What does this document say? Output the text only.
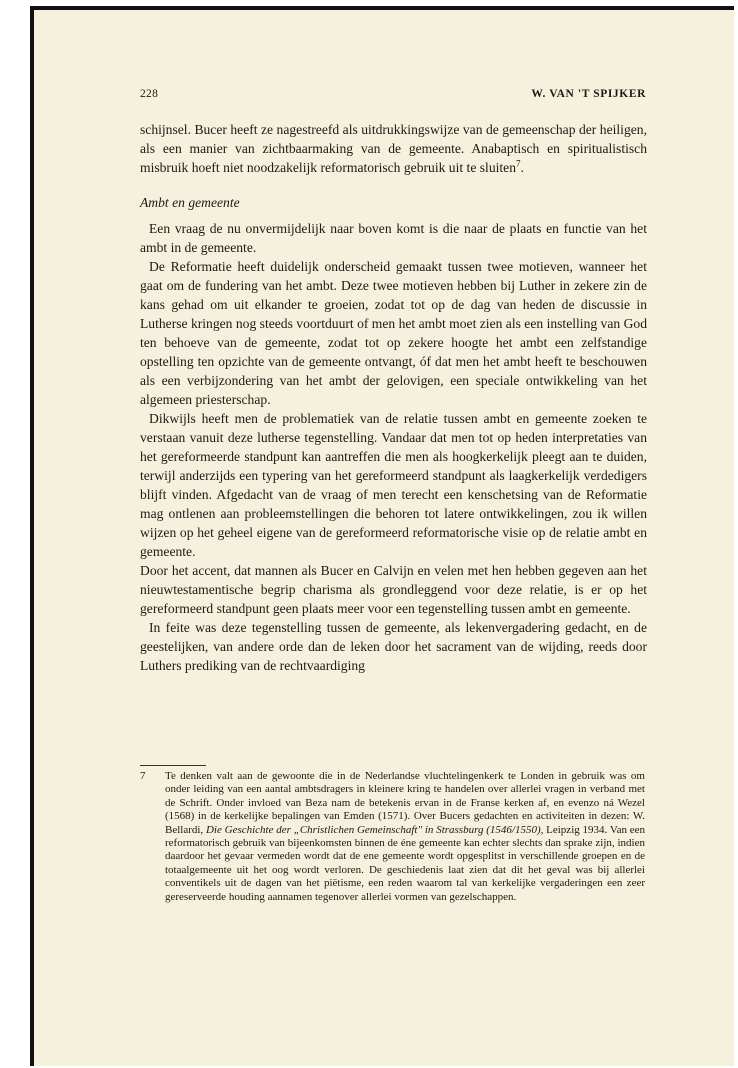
228	W. VAN 'T SPIJKER

schijnsel. Bucer heeft ze nagestreefd als uitdrukkingswijze van de gemeenschap der heiligen, als een manier van zichtbaarmaking van de gemeente. Anabaptisch en spiritualistisch misbruik hoeft niet noodzakelijk reformatorisch gebruik uit te sluiten$^7$.

Ambt en gemeente

Een vraag de nu onvermijdelijk naar boven komt is die naar de plaats en functie van het ambt in de gemeente.

De Reformatie heeft duidelijk onderscheid gemaakt tussen twee motieven, wanneer het gaat om de fundering van het ambt. Deze twee motieven hebben bij Luther in zekere zin de kans gehad om uit elkander te groeien, zodat tot op de dag van heden de discussie in Lutherse kringen nog steeds voortduurt of men het ambt moet zien als een instelling van God ten behoeve van de gemeente, zodat tot op zekere hoogte het ambt een zelfstandige opstelling ten opzichte van de gemeente ontvangt, óf dat men het ambt heeft te beschouwen als een verbijzondering van het ambt der gelovigen, een speciale ontwikkeling van het algemeen priesterschap.

Dikwijls heeft men de problematiek van de relatie tussen ambt en gemeente zoeken te verstaan vanuit deze lutherse tegenstelling. Vandaar dat men tot op heden interpretaties van het gereformeerde standpunt kan aantreffen die men als hoogkerkelijk pleegt aan te duiden, terwijl anderzijds een typering van het gereformeerd standpunt als laagkerkelijk verdedigers blijft vinden. Afgedacht van de vraag of men terecht een kenschetsing van de Reformatie mag ontlenen aan probleemstellingen die behoren tot latere ontwikkelingen, zou ik willen wijzen op het geheel eigene van de gereformeerd reformatorische visie op de relatie ambt en gemeente.

Door het accent, dat mannen als Bucer en Calvijn en velen met hen hebben gegeven aan het nieuwtestamentische begrip charisma als grondleggend voor deze relatie, is er op het gereformeerd standpunt geen plaats meer voor een tegenstelling tussen ambt en gemeente.

In feite was deze tegenstelling tussen de gemeente, als lekenvergadering gedacht, en de geestelijken, van andere orde dan de leken door het sacrament van de wijding, reeds door Luthers prediking van de rechtvaardiging

7 Te denken valt aan de gewoonte die in de Nederlandse vluchtelingenkerk te Londen in gebruik was om onder leiding van een aantal ambtsdragers in kleinere kring te handelen over allerlei vragen in verband met de Schrift. Onder invloed van Beza nam de betekenis ervan in de Franse kerken af, en evenzo ná Wezel (1568) in de kerkelijke bepalingen van Emden (1571). Over Bucers gedachten en activiteiten in dezen: W. Bellardi, Die Geschichte der „Christlichen Gemeinschaft" in Strassburg (1546/1550), Leipzig 1934. Van een reformatorisch gebruik van bijeenkomsten binnen de éne gemeente kan echter slechts dan sprake zijn, indien daardoor het gevaar vermeden wordt dat de ene gemeente wordt opgesplitst in verschillende groepen en de totaalgemeente uit het oog wordt verloren. De geschiedenis laat zien dat dit het geval was bij allerlei conventikels uit de dagen van het piëtisme, een reden waarom tal van kerkelijke vergaderingen een zeer gereserveerde houding aannamen tegenover allerlei vormen van gezelschappen.
